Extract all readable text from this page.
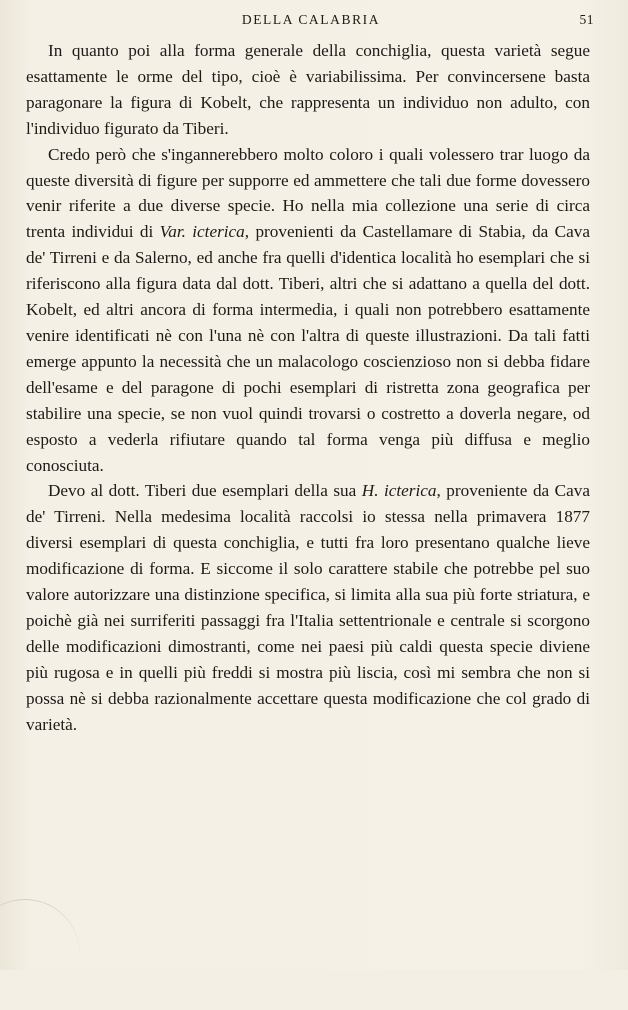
DELLA CALABRIA	51

In quanto poi alla forma generale della conchiglia, questa varietà segue esattamente le orme del tipo, cioè è variabilissima. Per convincersene basta paragonare la figura di Kobelt, che rappresenta un individuo non adulto, con l'individuo figurato da Tiberi.

Credo però che s'ingannerebbero molto coloro i quali volessero trar luogo da queste diversità di figure per supporre ed ammettere che tali due forme dovessero venir riferite a due diverse specie. Ho nella mia collezione una serie di circa trenta individui di Var. icterica, provenienti da Castellamare di Stabia, da Cava de' Tirreni e da Salerno, ed anche fra quelli d'identica località ho esemplari che si riferiscono alla figura data dal dott. Tiberi, altri che si adattano a quella del dott. Kobelt, ed altri ancora di forma intermedia, i quali non potrebbero esattamente venire identificati nè con l'una nè con l'altra di queste illustrazioni. Da tali fatti emerge appunto la necessità che un malacologo coscienzioso non si debba fidare dell'esame e del paragone di pochi esemplari di ristretta zona geografica per stabilire una specie, se non vuol quindi trovarsi o costretto a doverla negare, od esposto a vederla rifiutare quando tal forma venga più diffusa e meglio conosciuta.

Devo al dott. Tiberi due esemplari della sua H. icterica, proveniente da Cava de' Tirreni. Nella medesima località raccolsi io stessa nella primavera 1877 diversi esemplari di questa conchiglia, e tutti fra loro presentano qualche lieve modificazione di forma. E siccome il solo carattere stabile che potrebbe pel suo valore autorizzare una distinzione specifica, si limita alla sua più forte striatura, e poichè già nei surriferiti passaggi fra l'Italia settentrionale e centrale si scorgono delle modificazioni dimostranti, come nei paesi più caldi questa specie diviene più rugosa e in quelli più freddi si mostra più liscia, così mi sembra che non si possa nè si debba razionalmente accettare questa modificazione che col grado di varietà.
